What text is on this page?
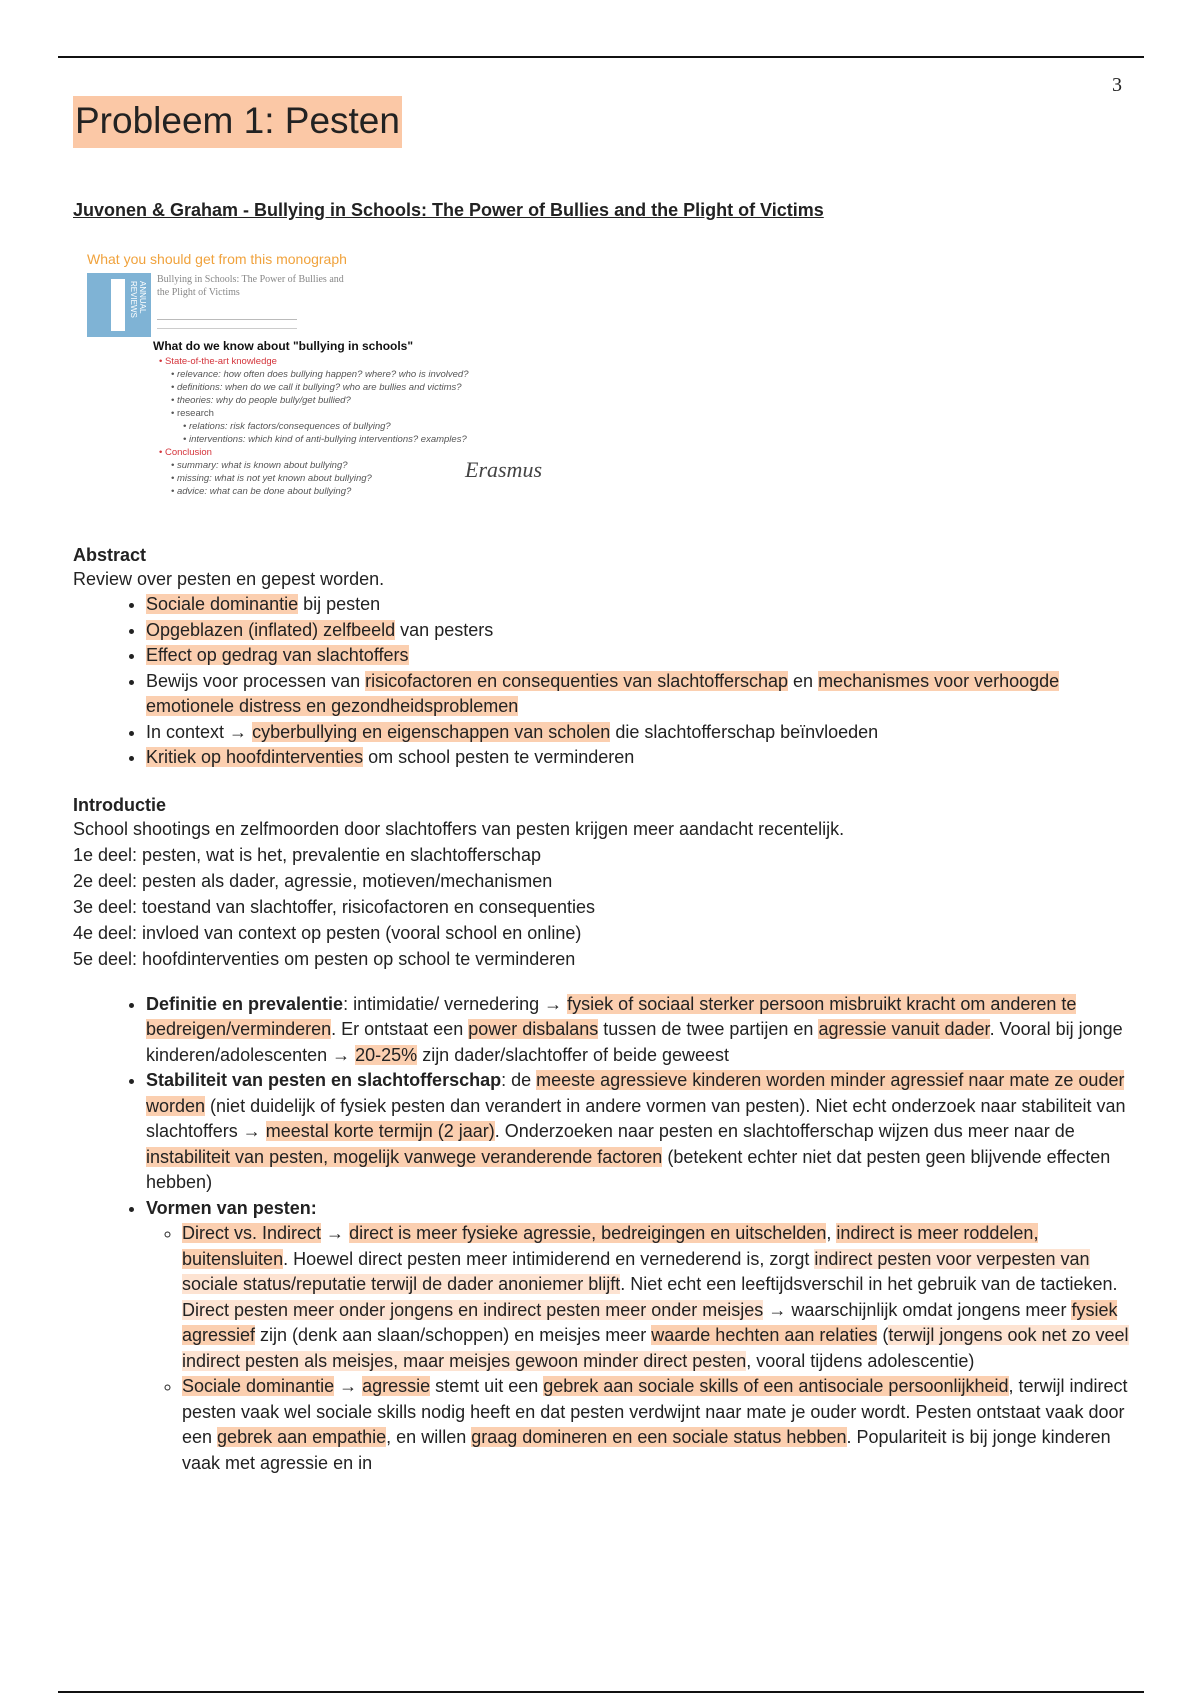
3
Probleem 1: Pesten
Juvonen & Graham - Bullying in Schools: The Power of Bullies and the Plight of Victims
What you should get from this monograph
ANNUAL REVIEWS
Bullying in Schools: The Power of Bullies and the Plight of Victims
What do we know about "bullying in schools"
• State-of-the-art knowledge
• relevance: how often does bullying happen? where? who is involved?
• definitions: when do we call it bullying? who are bullies and victims?
• theories: why do people bully/get bullied?
• research
• relations: risk factors/consequences of bullying?
• interventions: which kind of anti-bullying interventions? examples?
• Conclusion
• summary: what is known about bullying?
• missing: what is not yet known about bullying?
• advice: what can be done about bullying?
Erasmus
Abstract
Review over pesten en gepest worden.
• Sociale dominantie bij pesten
• Opgeblazen (inflated) zelfbeeld van pesters
• Effect op gedrag van slachtoffers
• Bewijs voor processen van risicofactoren en consequenties van slachtofferschap en mechanismes voor verhoogde emotionele distress en gezondheidsproblemen
• In context → cyberbullying en eigenschappen van scholen die slachtofferschap beïnvloeden
• Kritiek op hoofdinterventies om school pesten te verminderen
Introductie
School shootings en zelfmoorden door slachtoffers van pesten krijgen meer aandacht recentelijk.
1e deel: pesten, wat is het, prevalentie en slachtofferschap
2e deel: pesten als dader, agressie, motieven/mechanismen
3e deel: toestand van slachtoffer, risicofactoren en consequenties
4e deel: invloed van context op pesten (vooral school en online)
5e deel: hoofdinterventies om pesten op school te verminderen
• Definitie en prevalentie: intimidatie/ vernedering → fysiek of sociaal sterker persoon misbruikt kracht om anderen te bedreigen/verminderen. Er ontstaat een power disbalans tussen de twee partijen en agressie vanuit dader. Vooral bij jonge kinderen/adolescenten → 20-25% zijn dader/slachtoffer of beide geweest
• Stabiliteit van pesten en slachtofferschap: de meeste agressieve kinderen worden minder agressief naar mate ze ouder worden (niet duidelijk of fysiek pesten dan verandert in andere vormen van pesten). Niet echt onderzoek naar stabiliteit van slachtoffers → meestal korte termijn (2 jaar). Onderzoeken naar pesten en slachtofferschap wijzen dus meer naar de instabiliteit van pesten, mogelijk vanwege veranderende factoren (betekent echter niet dat pesten geen blijvende effecten hebben)
• Vormen van pesten:
◦ Direct vs. Indirect → direct is meer fysieke agressie, bedreigingen en uitschelden, indirect is meer roddelen, buitensluiten. Hoewel direct pesten meer intimiderend en vernederend is, zorgt indirect pesten voor verpesten van sociale status/reputatie terwijl de dader anoniemer blijft. Niet echt een leeftijdsverschil in het gebruik van de tactieken. Direct pesten meer onder jongens en indirect pesten meer onder meisjes → waarschijnlijk omdat jongens meer fysiek agressief zijn (denk aan slaan/schoppen) en meisjes meer waarde hechten aan relaties (terwijl jongens ook net zo veel indirect pesten als meisjes, maar meisjes gewoon minder direct pesten, vooral tijdens adolescentie)
◦ Sociale dominantie → agressie stemt uit een gebrek aan sociale skills of een antisociale persoonlijkheid, terwijl indirect pesten vaak wel sociale skills nodig heeft en dat pesten verdwijnt naar mate je ouder wordt. Pesten ontstaat vaak door een gebrek aan empathie, en willen graag domineren en een sociale status hebben. Populariteit is bij jonge kinderen vaak met agressie en in
